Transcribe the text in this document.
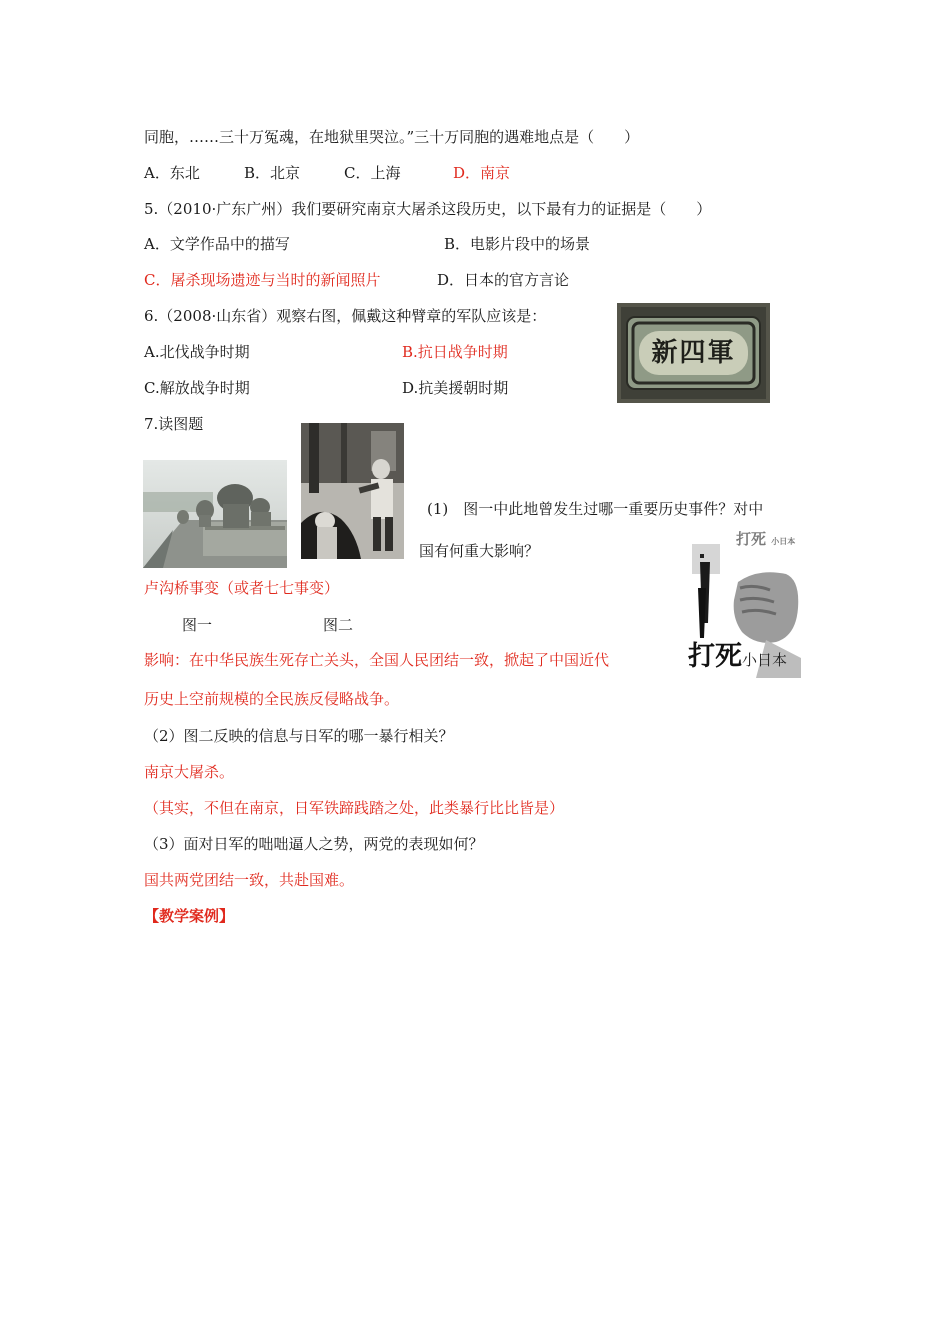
同胞，……三十万冤魂，在地狱里哭泣。”三十万同胞的遇难地点是（　　）
A．东北	B．北京	C．上海	D．南京
5.（2010·广东广州）我们要研究南京大屠杀这段历史，以下最有力的证据是（　　）
A．文学作品中的描写	B．电影片段中的场景
C．屠杀现场遗迹与当时的新闻照片	D．日本的官方言论
6.（2008·山东省）观察右图，佩戴这种臂章的军队应该是：
A.北伐战争时期	B.抗日战争时期
C.解放战争时期	D.抗美援朝时期
新四軍
7.读图题
(1)　图一中此地曾发生过哪一重要历史事件？对中
国有何重大影响？
卢沟桥事变（或者七七事变）
图一	图二
影响：在中华民族生死存亡关头，全国人民团结一致，掀起了中国近代
历史上空前规模的全民族反侵略战争。
打死 小日本
打死小日本
（2）图二反映的信息与日军的哪一暴行相关？
南京大屠杀。
（其实，不但在南京，日军铁蹄践踏之处，此类暴行比比皆是）
（3）面对日军的咄咄逼人之势，两党的表现如何？
国共两党团结一致，共赴国难。
【教学案例】
